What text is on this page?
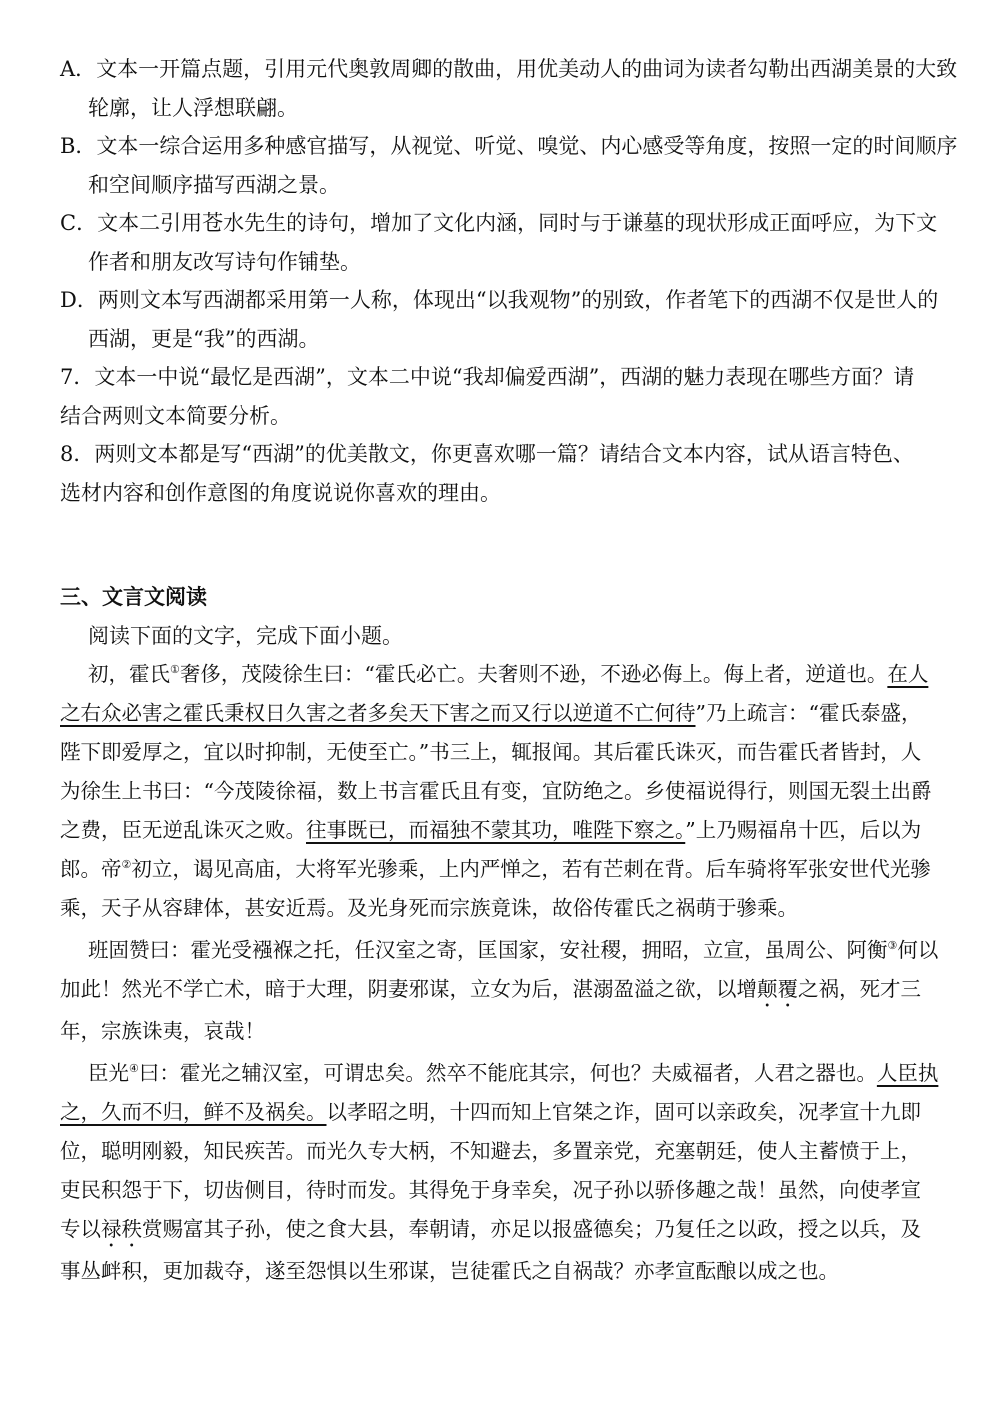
A．文本一开篇点题，引用元代奥敦周卿的散曲，用优美动人的曲词为读者勾勒出西湖美景的大致轮廓，让人浮想联翩。

B．文本一综合运用多种感官描写，从视觉、听觉、嗅觉、内心感受等角度，按照一定的时间顺序和空间顺序描写西湖之景。

C．文本二引用苍水先生的诗句，增加了文化内涵，同时与于谦墓的现状形成正面呼应，为下文作者和朋友改写诗句作铺垫。

D．两则文本写西湖都采用第一人称，体现出“以我观物”的别致，作者笔下的西湖不仅是世人的西湖，更是“我”的西湖。

7．文本一中说“最忆是西湖”，文本二中说“我却偏爱西湖”，西湖的魅力表现在哪些方面？请结合两则文本简要分析。

8．两则文本都是写“西湖”的优美散文，你更喜欢哪一篇？请结合文本内容，试从语言特色、选材内容和创作意图的角度说说你喜欢的理由。

三、文言文阅读

阅读下面的文字，完成下面小题。

初，霍氏①奢侈，茂陵徐生曰：“霍氏必亡。夫奢则不逊，不逊必侮上。侮上者，逆道也。在人之右众必害之霍氏秉权日久害之者多矣天下害之而又行以逆道不亡何待”乃上疏言：“霍氏泰盛，陛下即爱厚之，宜以时抑制，无使至亡。”书三上，辄报闻。其后霍氏诛灭，而告霍氏者皆封，人为徐生上书曰：“今茂陵徐福，数上书言霍氏且有变，宜防绝之。乡使福说得行，则国无裂土出爵之费，臣无逆乱诛灭之败。往事既已，而福独不蒙其功，唯陛下察之。”上乃赐福帛十匹，后以为郎。帝②初立，谒见高庙，大将军光骖乘，上内严惮之，若有芒刺在背。后车骑将军张安世代光骖乘，天子从容肆体，甚安近焉。及光身死而宗族竟诛，故俗传霍氏之祸萌于骖乘。

班固赞曰：霍光受襁褓之托，任汉室之寄，匡国家，安社稷，拥昭，立宣，虽周公、阿衡③何以加此！然光不学亡术，暗于大理，阴妻邪谋，立女为后，湛溺盈溢之欲，以增颠覆之祸，死才三年，宗族诛夷，哀哉！

臣光④曰：霍光之辅汉室，可谓忠矣。然卒不能庇其宗，何也？夫威福者，人君之器也。人臣执之，久而不归，鲜不及祸矣。以孝昭之明，十四而知上官桀之诈，固可以亲政矣，况孝宣十九即位，聪明刚毅，知民疾苦。而光久专大柄，不知避去，多置亲党，充塞朝廷，使人主蓄愤于上，吏民积怨于下，切齿侧目，待时而发。其得免于身幸矣，况子孙以骄侈趣之哉！虽然，向使孝宣专以禄秩赏赐富其子孙，使之食大县，奉朝请，亦足以报盛德矣；乃复任之以政，授之以兵，及事丛衅积，更加裁夺，遂至怨惧以生邪谋，岂徒霍氏之自祸哉？亦孝宣酝酿以成之也。
